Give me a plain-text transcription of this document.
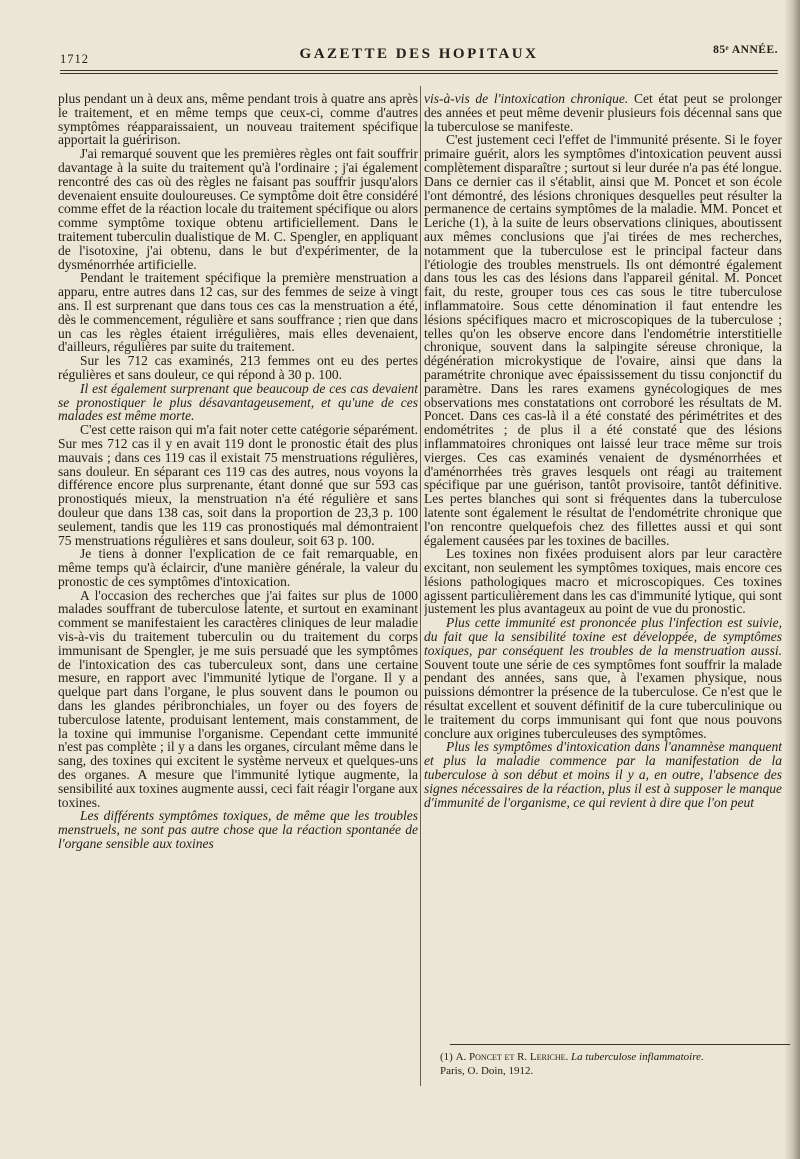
1712	GAZETTE DES HOPITAUX	85ᵉ ANNÉE.

plus pendant un à deux ans, même pendant trois à quatre ans après le traitement, et en même temps que ceux-ci, comme d'autres symptômes réapparaissaient, un nouveau traitement spécifique apportait la guéririson.

J'ai remarqué souvent que les premières règles ont fait souffrir davantage à la suite du traitement qu'à l'ordinaire ; j'ai également rencontré des cas où des règles ne faisant pas souffrir jusqu'alors devenaient ensuite douloureuses. Ce symptôme doit être considéré comme effet de la réaction locale du traitement spécifique ou alors comme symptôme toxique obtenu artificiellement. Dans le traitement tuberculin dualistique de M. C. Spengler, en appliquant de l'isotoxine, j'ai obtenu, dans le but d'expérimenter, de la dysménorrhée artificielle.

Pendant le traitement spécifique la première menstruation a apparu, entre autres dans 12 cas, sur des femmes de seize à vingt ans. Il est surprenant que dans tous ces cas la menstruation a été, dès le commencement, régulière et sans souffrance ; rien que dans un cas les règles étaient irrégulières, mais elles devenaient, d'ailleurs, régulières par suite du traitement.

Sur les 712 cas examinés, 213 femmes ont eu des pertes régulières et sans douleur, ce qui répond à 30 p. 100.

Il est également surprenant que beaucoup de ces cas devaient se pronostiquer le plus désavantageusement, et qu'une de ces malades est même morte.

C'est cette raison qui m'a fait noter cette catégorie séparément. Sur mes 712 cas il y en avait 119 dont le pronostic était des plus mauvais ; dans ces 119 cas il existait 75 menstruations régulières, sans douleur. En séparant ces 119 cas des autres, nous voyons la différence encore plus surprenante, étant donné que sur 593 cas pronostiqués mieux, la menstruation n'a été régulière et sans douleur que dans 138 cas, soit dans la proportion de 23,3 p. 100 seulement, tandis que les 119 cas pronostiqués mal démontraient 75 menstruations régulières et sans douleur, soit 63 p. 100.

Je tiens à donner l'explication de ce fait remarquable, en même temps qu'à éclaircir, d'une manière générale, la valeur du pronostic de ces symptômes d'intoxication.

A l'occasion des recherches que j'ai faites sur plus de 1000 malades souffrant de tuberculose latente, et surtout en examinant comment se manifestaient les caractères cliniques de leur maladie vis-à-vis du traitement tuberculin ou du traitement du corps immunisant de Spengler, je me suis persuadé que les symptômes de l'intoxication des cas tuberculeux sont, dans une certaine mesure, en rapport avec l'immunité lytique de l'organe. Il y a quelque part dans l'organe, le plus souvent dans le poumon ou dans les glandes péribronchiales, un foyer ou des foyers de tuberculose latente, produisant lentement, mais constamment, de la toxine qui immunise l'organisme. Cependant cette immunité n'est pas complète ; il y a dans les organes, circulant même dans le sang, des toxines qui excitent le système nerveux et quelques-uns des organes. A mesure que l'immunité lytique augmente, la sensibilité aux toxines augmente aussi, ceci fait réagir l'organe aux toxines.

Les différents symptômes toxiques, de même que les troubles menstruels, ne sont pas autre chose que la réaction spontanée de l'organe sensible aux toxines

vis-à-vis de l'intoxication chronique. Cet état peut se prolonger des années et peut même devenir plusieurs fois décennal sans que la tuberculose se manifeste.

C'est justement ceci l'effet de l'immunité présente. Si le foyer primaire guérit, alors les symptômes d'intoxication peuvent aussi complètement disparaître ; surtout si leur durée n'a pas été longue. Dans ce dernier cas il s'établit, ainsi que M. Poncet et son école l'ont démontré, des lésions chroniques desquelles peut résulter la permanence de certains symptômes de la maladie. MM. Poncet et Leriche (1), à la suite de leurs observations cliniques, aboutissent aux mêmes conclusions que j'ai tirées de mes recherches, notamment que la tuberculose est le principal facteur dans l'étiologie des troubles menstruels. Ils ont démontré également dans tous les cas des lésions dans l'appareil génital. M. Poncet fait, du reste, grouper tous ces cas sous le titre tuberculose inflammatoire. Sous cette dénomination il faut entendre les lésions spécifiques macro et microscopiques de la tuberculose ; telles qu'on les observe encore dans l'endométrie interstitielle chronique, souvent dans la salpingite séreuse chronique, la dégénération microkystique de l'ovaire, ainsi que dans la paramétrite chronique avec épaississement du tissu conjonctif du paramètre. Dans les rares examens gynécologiques de mes observations mes constatations ont corroboré les résultats de M. Poncet. Dans ces cas-là il a été constaté des périmétrites et des endométrites ; de plus il a été constaté que des lésions inflammatoires chroniques ont laissé leur trace même sur trois vierges. Ces cas examinés venaient de dysménorrhées et d'aménorrhées très graves lesquels ont réagi au traitement spécifique par une guérison, tantôt provisoire, tantôt définitive. Les pertes blanches qui sont si fréquentes dans la tuberculose latente sont également le résultat de l'endométrite chronique que l'on rencontre quelquefois chez des fillettes aussi et qui sont également causées par les toxines de bacilles.

Les toxines non fixées produisent alors par leur caractère excitant, non seulement les symptômes toxiques, mais encore ces lésions pathologiques macro et microscopiques. Ces toxines agissent particulièrement dans les cas d'immunité lytique, qui sont justement les plus avantageux au point de vue du pronostic.

Plus cette immunité est prononcée plus l'infection est suivie, du fait que la sensibilité toxine est développée, de symptômes toxiques, par conséquent les troubles de la menstruation aussi. Souvent toute une série de ces symptômes font souffrir la malade pendant des années, sans que, à l'examen physique, nous puissions démontrer la présence de la tuberculose. Ce n'est que le résultat excellent et souvent définitif de la cure tuberculinique ou le traitement du corps immunisant qui font que nous pouvons conclure aux origines tuberculeuses des symptômes.

Plus les symptômes d'intoxication dans l'anamnèse manquent et plus la maladie commence par la manifestation de la tuberculose à son début et moins il y a, en outre, l'absence des signes nécessaires de la réaction, plus il est à supposer le manque d'immunité de l'organisme, ce qui revient à dire que l'on peut

(1) A. Poncet et R. Leriche. La tuberculose inflammatoire.
Paris, O. Doin, 1912.
